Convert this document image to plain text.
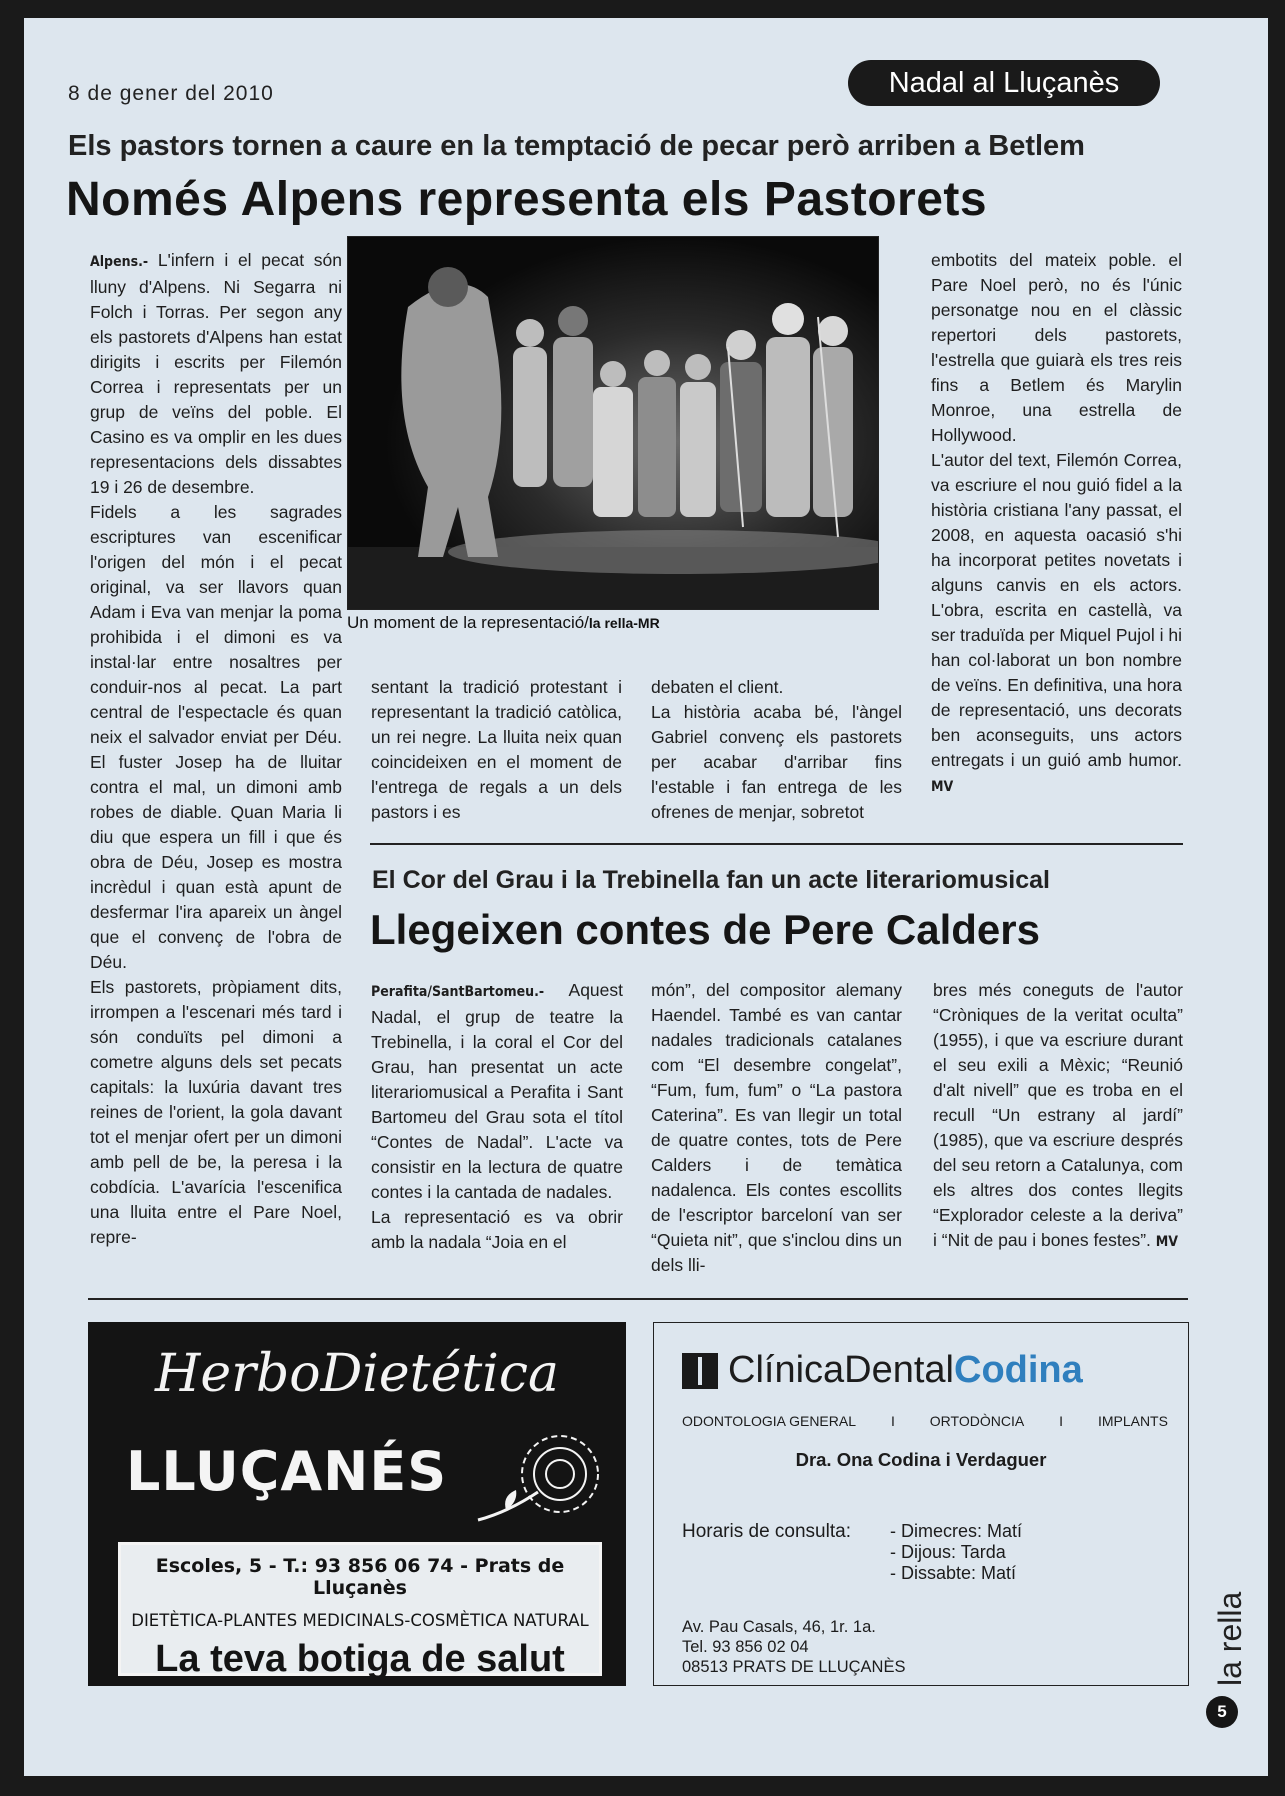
8 de gener del 2010	Nadal al Lluçanès
Els pastors tornen a caure en la temptació de pecar però arriben a Betlem
Només Alpens representa els Pastorets

Alpens.- L'infern i el pecat són lluny d'Alpens. Ni Segarra ni Folch i Torras. Per segon any els pastorets d'Alpens han estat dirigits i escrits per Filemón Correa i representats per un grup de veïns del poble. El Casino es va omplir en les dues representacions dels dissabtes 19 i 26 de desembre.

Fidels a les sagrades escriptures van escenificar l'origen del món i el pecat original, va ser llavors quan Adam i Eva van menjar la poma prohibida i el dimoni es va instal·lar entre nosaltres per conduir-nos al pecat. La part central de l'espectacle és quan neix el salvador enviat per Déu. El fuster Josep ha de lluitar contra el mal, un dimoni amb robes de diable. Quan Maria li diu que espera un fill i que és obra de Déu, Josep es mostra incrèdul i quan està apunt de desfermar l'ira apareix un àngel que el convenç de l'obra de Déu.

Els pastorets, pròpiament dits, irrompen a l'escenari més tard i són conduïts pel dimoni a cometre alguns dels set pecats capitals: la luxúria davant tres reines de l'orient, la gola davant tot el menjar ofert per un dimoni amb pell de be, la peresa i la cobdícia. L'avarícia l'escenifica una lluita entre el Pare Noel, repre-

Un moment de la representació/la rella-MR

sentant la tradició protestant i representant la tradició catòlica, un rei negre. La lluita neix quan coincideixen en el moment de l'entrega de regals a un dels pastors i es

debaten el client.

La història acaba bé, l'àngel Gabriel convenç els pastorets per acabar d'arribar fins l'estable i fan entrega de les ofrenes de menjar, sobretot

embotits del mateix poble. el Pare Noel però, no és l'únic personatge nou en el clàssic repertori dels pastorets, l'estrella que guiarà els tres reis fins a Betlem és Marylin Monroe, una estrella de Hollywood.

L'autor del text, Filemón Correa, va escriure el nou guió fidel a la història cristiana l'any passat, el 2008, en aquesta oacasió s'hi ha incorporat petites novetats i alguns canvis en els actors. L'obra, escrita en castellà, va ser traduïda per Miquel Pujol i hi han col·laborat un bon nombre de veïns. En definitiva, una hora de representació, uns decorats ben aconseguits, uns actors entregats i un guió amb humor. MV

El Cor del Grau i la Trebinella fan un acte literariomusical
Llegeixen contes de Pere Calders

Perafita/SantBartomeu.- Aquest Nadal, el grup de teatre la Trebinella, i la coral el Cor del Grau, han presentat un acte literariomusical a Perafita i Sant Bartomeu del Grau sota el títol “Contes de Nadal”. L'acte va consistir en la lectura de quatre contes i la cantada de nadales.

La representació es va obrir amb la nadala “Joia en el

món”, del compositor alemany Haendel. També es van cantar nadales tradicionals catalanes com “El desembre congelat”, “Fum, fum, fum” o “La pastora Caterina”. Es van llegir un total de quatre contes, tots de Pere Calders i de temàtica nadalenca. Els contes escollits de l'escriptor barceloní van ser “Quieta nit”, que s'inclou dins un dels lli-

bres més coneguts de l'autor “Cròniques de la veritat oculta” (1955), i que va escriure durant el seu exili a Mèxic; “Reunió d'alt nivell” que es troba en el recull “Un estrany al jardí” (1985), que va escriure després del seu retorn a Catalunya, com els altres dos contes llegits “Explorador celeste a la deriva” i “Nit de pau i bones festes”. MV

HerboDietética
LLUÇANÉS
Escoles, 5 - T.: 93 856 06 74 - Prats de Lluçanès
DIETÈTICA-PLANTES MEDICINALS-COSMÈTICA NATURAL
La teva botiga de salut
ClínicaDentalCodina
ODONTOLOGIA GENERAL I ORTODÒNCIA I IMPLANTS
Dra. Ona Codina i Verdaguer
Horaris de consulta: - Dimecres: Matí
- Dijous: Tarda
- Dissabte: Matí
Av. Pau Casals, 46, 1r. 1a.
Tel. 93 856 02 04
08513 PRATS DE LLUÇANÈS	la rella
5
